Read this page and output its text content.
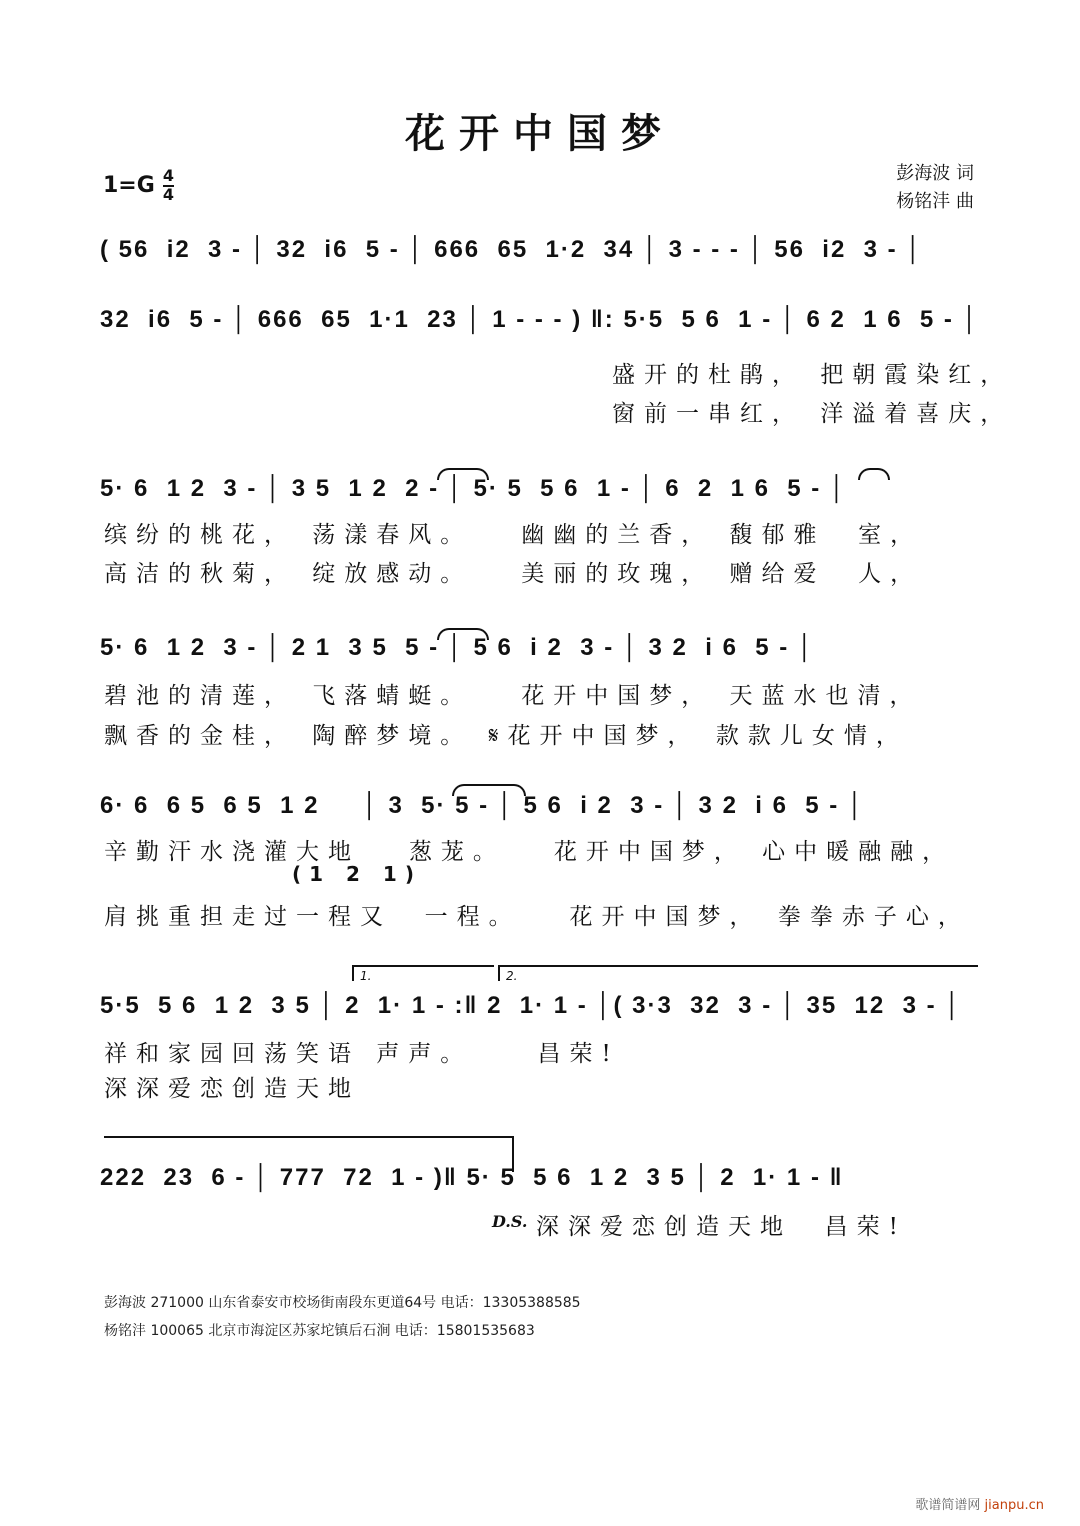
花开中国梦
$1=G \frac{4}{4}$	彭海波 词
杨铭沣 曲
( 56  i2  3 - │ 32  i6  5 - │ 666  65  1·2  34 │ 3 - - - │ 56  i2  3 - │
32  i6  5 - │ 666  65  1·1  23 │ 1 - - - ) ‖: 5·5  5 6  1 - │ 6 2  1 6  5 - │
盛开的杜鹃， 把朝霞染红，
窗前一串红， 洋溢着喜庆，
5· 6  1 2  3 - │ 3 5  1 2  2 - │ 5· 5  5 6  1 - │ 6  2  1 6  5 - │
缤纷的桃花， 荡漾春风。   幽幽的兰香， 馥郁雅  室，
高洁的秋菊， 绽放感动。   美丽的玫瑰， 赠给爱  人，
5· 6  1 2  3 - │ 2 1  3 5  5 - │ 5 6  i 2  3 - │ 3 2  i 6  5 - │
碧池的清莲， 飞落蜻蜓。   花开中国梦， 天蓝水也清，
飘香的金桂， 陶醉梦境。 𝄋花开中国梦， 款款儿女情，
6· 6  6 5  6 5  1 2     │ 3  5· 5 - │ 5 6  i 2  3 - │ 3 2  i 6  5 - │
辛勤汗水浇灌大地   葱茏。   花开中国梦， 心中暖融融，
(1 2 1)
肩挑重担走过一程又  一程。   花开中国梦， 拳拳赤子心，
1.	2.
5·5  5 6  1 2  3 5 │ 2  1· 1 - :‖ 2  1· 1 - │( 3·3  32  3 - │ 35  12  3 - │
祥和家园回荡笑语 声声。    昌荣!
深深爱恋创造天地
222  23  6 - │ 777  72  1 - )‖ 5· 5  5 6  1 2  3 5 │ 2  1· 1 - ‖
D.S. 深深爱恋创造天地  昌荣!
彭海波 271000 山东省泰安市校场街南段东更道64号 电话：13305388585
杨铭沣 100065 北京市海淀区苏家坨镇后石涧 电话：15801535683
歌谱简谱网 jianpu.cn
